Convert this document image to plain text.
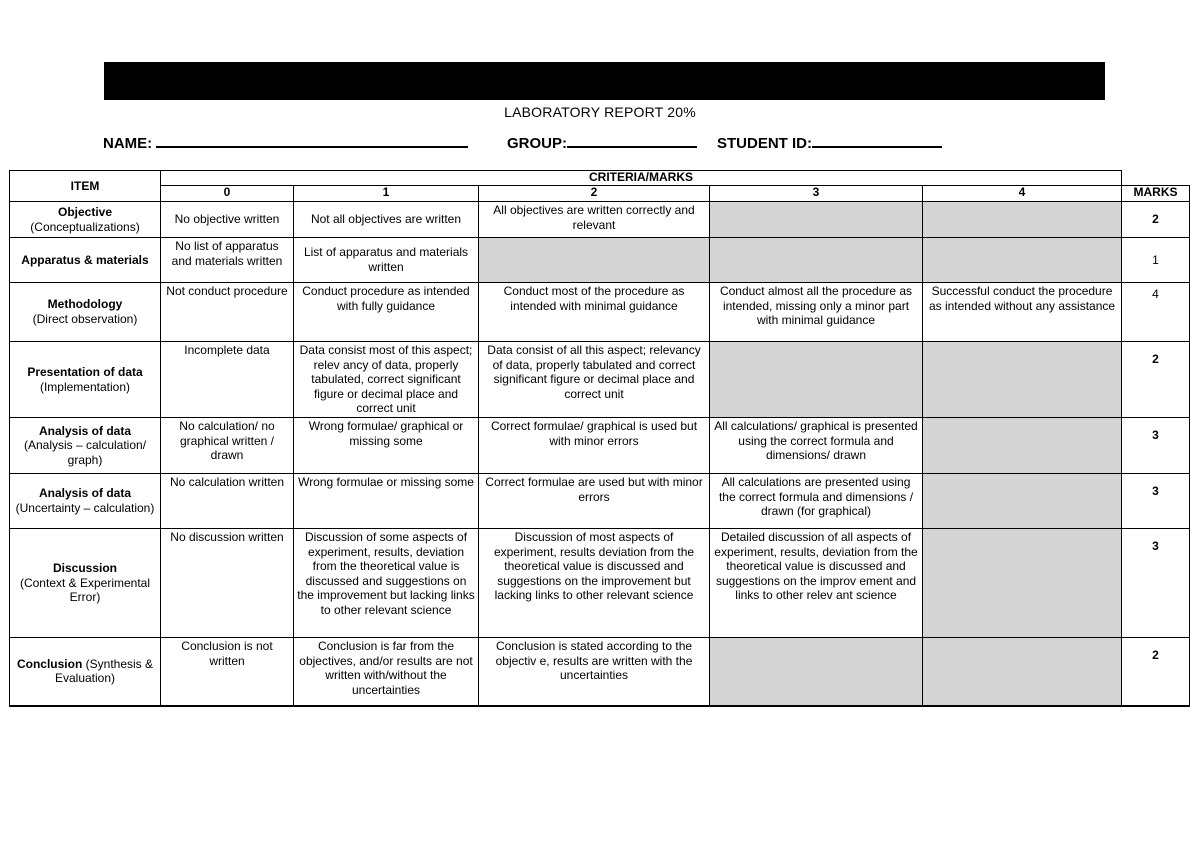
LABORATORY REPORT 20%
NAME:	GROUP:	STUDENT ID:
ITEM	CRITERIA/MARKS					
	0	1	2	3	4	MARKS
Objective
(Conceptualizations)	No objective written	Not all objectives are written	All objectives are written correctly and relevant			2
Apparatus & materials	No list of apparatus and materials written	List of apparatus and materials written				1
Methodology
(Direct observation)	Not conduct procedure	Conduct procedure as intended with fully guidance	Conduct most of the procedure as intended with minimal guidance	Conduct almost all the procedure as intended, missing only a minor part with minimal guidance	Successful conduct the procedure as intended without any assistance	4
Presentation of data
(Implementation)	Incomplete data	Data consist most of this aspect; relev ancy of data, properly tabulated, correct significant figure or decimal place and correct unit	Data consist of all this aspect; relevancy of data, properly tabulated and correct significant figure or decimal place and correct unit			2
Analysis of data
(Analysis – calculation/ graph)	No calculation/ no graphical written / drawn	Wrong formulae/ graphical or missing some	Correct formulae/ graphical is used but with minor errors	All calculations/ graphical is presented using the correct formula and dimensions/ drawn		3
Analysis of data
(Uncertainty – calculation)	No calculation written	Wrong formulae or missing some	Correct formulae are used but with minor errors	All calculations are presented using the correct formula and dimensions / drawn (for graphical)		3
Discussion
(Context & Experimental Error)	No discussion written	Discussion of some aspects of experiment, results, deviation from the theoretical value is discussed and suggestions on the improvement but lacking links to other relevant science	Discussion of most aspects of experiment, results deviation from the theoretical value is discussed and suggestions on the improvement but lacking links to other relevant science	Detailed discussion of all aspects of experiment, results, deviation from the theoretical value is discussed and suggestions on the improv ement and links to other relev ant science		3
Conclusion (Synthesis & Evaluation)	Conclusion is not written	Conclusion is far from the objectives, and/or results are not written with/without the uncertainties	Conclusion is stated according to the objectiv e, results are written with the uncertainties			2
